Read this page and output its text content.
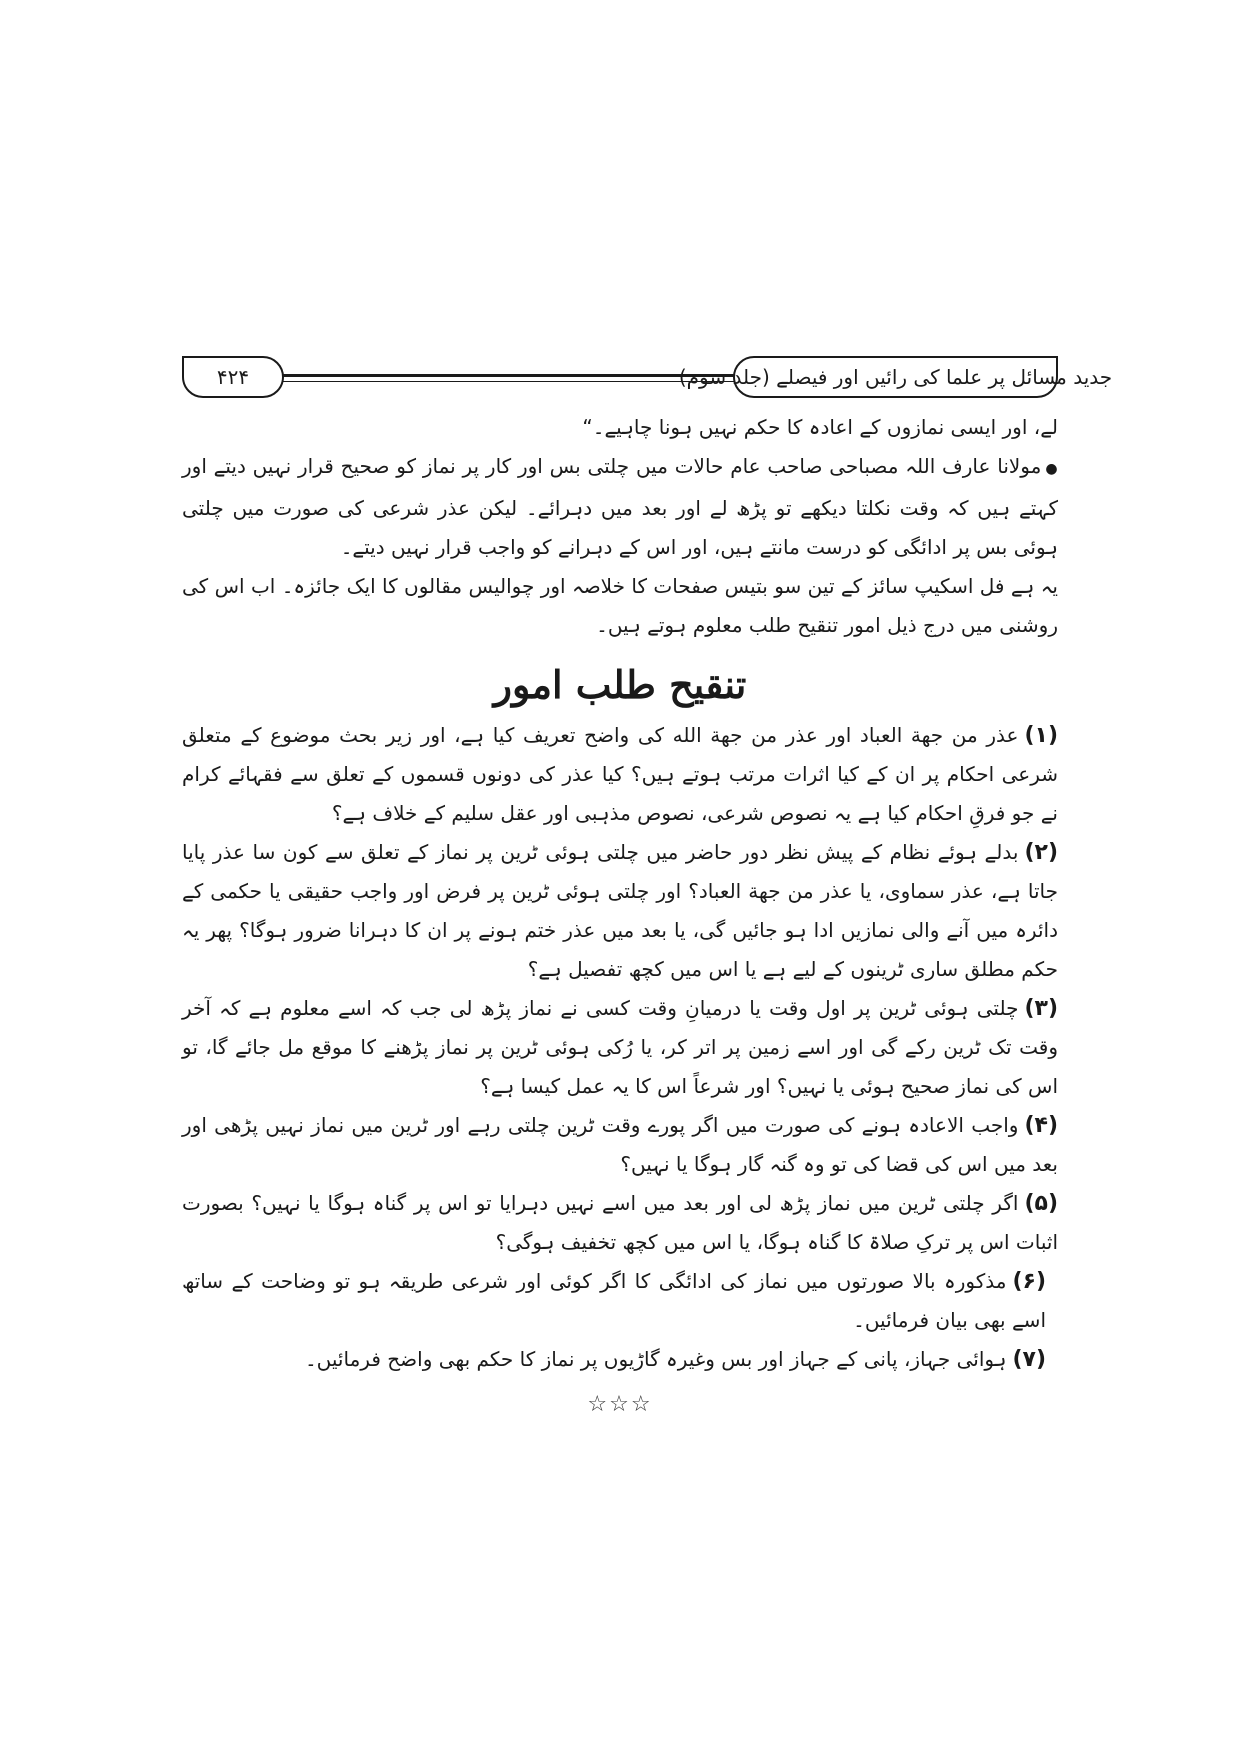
۴۲۴	جدید مسائل پر علما کی رائیں اور فیصلے (جلد سوم)

لے، اور ایسی نمازوں کے اعادہ کا حکم نہیں ہونا چاہیے۔“

●مولانا عارف اللہ مصباحی صاحب عام حالات میں چلتی بس اور کار پر نماز کو صحیح قرار نہیں دیتے اور کہتے ہیں کہ وقت نکلتا دیکھے تو پڑھ لے اور بعد میں دہرائے۔ لیکن عذر شرعی کی صورت میں چلتی ہوئی بس پر ادائگی کو درست مانتے ہیں، اور اس کے دہرانے کو واجب قرار نہیں دیتے۔

یہ ہے فل اسکیپ سائز کے تین سو بتیس صفحات کا خلاصہ اور چوالیس مقالوں کا ایک جائزہ۔ اب اس کی روشنی میں درج ذیل امور تنقیح طلب معلوم ہوتے ہیں۔

تنقیح طلب امور

(۱)عذر من جهة العباد اور عذر من جهة الله کی واضح تعریف کیا ہے، اور زیر بحث موضوع کے متعلق شرعی احکام پر ان کے کیا اثرات مرتب ہوتے ہیں؟ کیا عذر کی دونوں قسموں کے تعلق سے فقہائے کرام نے جو فرقِ احکام کیا ہے یہ نصوص شرعی، نصوص مذہبی اور عقل سلیم کے خلاف ہے؟

(۲)بدلے ہوئے نظام کے پیش نظر دور حاضر میں چلتی ہوئی ٹرین پر نماز کے تعلق سے کون سا عذر پایا جاتا ہے، عذر سماوی، یا عذر من جهة العباد؟ اور چلتی ہوئی ٹرین پر فرض اور واجب حقیقی یا حکمی کے دائرہ میں آنے والی نمازیں ادا ہو جائیں گی، یا بعد میں عذر ختم ہونے پر ان کا دہرانا ضرور ہوگا؟ پھر یہ حکم مطلق ساری ٹرینوں کے لیے ہے یا اس میں کچھ تفصیل ہے؟

(۳)چلتی ہوئی ٹرین پر اول وقت یا درمیانِ وقت کسی نے نماز پڑھ لی جب کہ اسے معلوم ہے کہ آخر وقت تک ٹرین رکے گی اور اسے زمین پر اتر کر، یا رُکی ہوئی ٹرین پر نماز پڑھنے کا موقع مل جائے گا، تو اس کی نماز صحیح ہوئی یا نہیں؟ اور شرعاً اس کا یہ عمل کیسا ہے؟

(۴)واجب الاعادہ ہونے کی صورت میں اگر پورے وقت ٹرین چلتی رہے اور ٹرین میں نماز نہیں پڑھی اور بعد میں اس کی قضا کی تو وہ گنہ گار ہوگا یا نہیں؟

(۵)اگر چلتی ٹرین میں نماز پڑھ لی اور بعد میں اسے نہیں دہرایا تو اس پر گناہ ہوگا یا نہیں؟ بصورت اثبات اس پر ترکِ صلاۃ کا گناہ ہوگا، یا اس میں کچھ تخفیف ہوگی؟

(۶)مذکورہ بالا صورتوں میں نماز کی ادائگی کا اگر کوئی اور شرعی طریقہ ہو تو وضاحت کے ساتھ اسے بھی بیان فرمائیں۔

(۷)ہوائی جہاز، پانی کے جہاز اور بس وغیرہ گاڑیوں پر نماز کا حکم بھی واضح فرمائیں۔

☆☆☆
